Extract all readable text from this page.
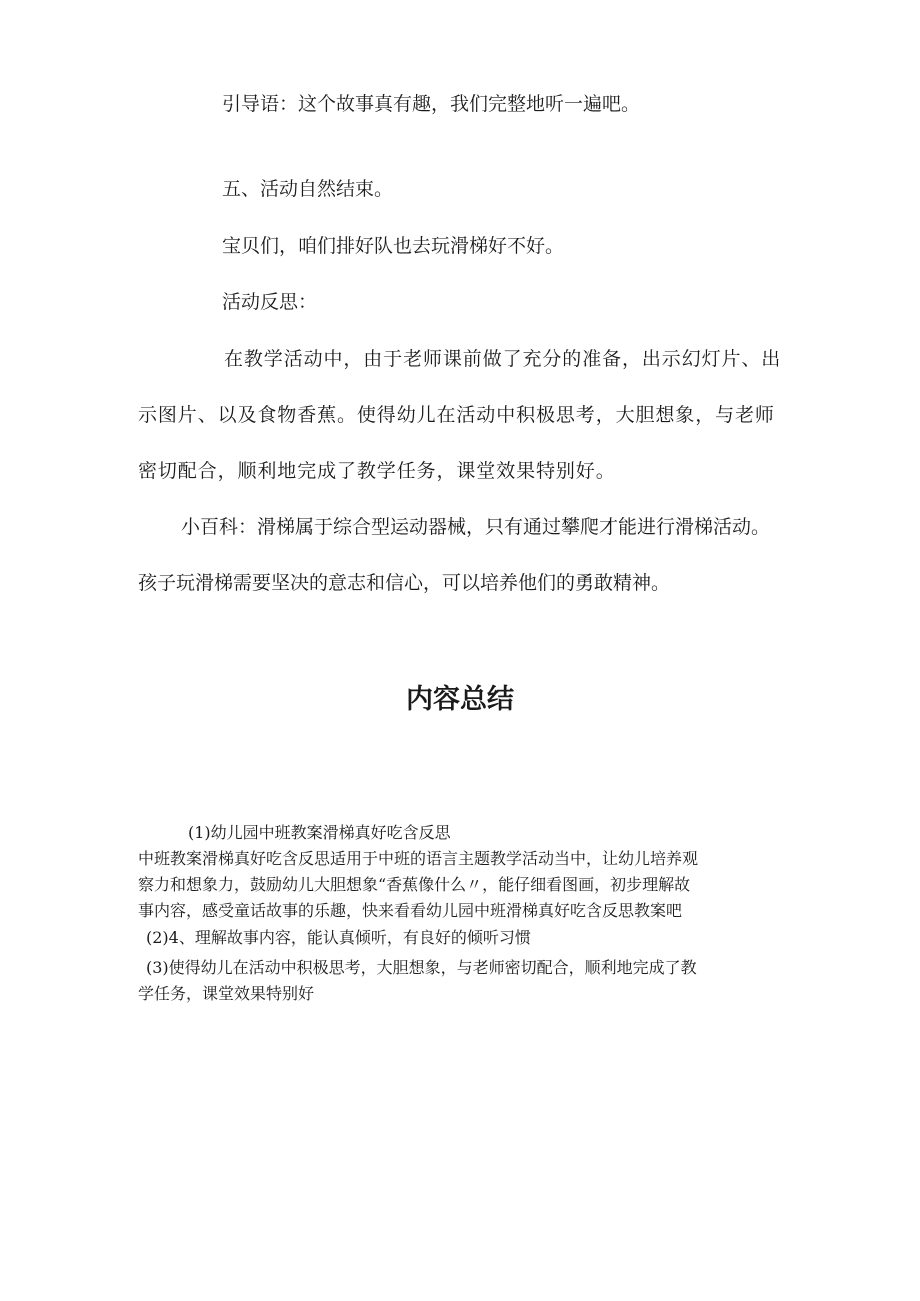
引导语：这个故事真有趣，我们完整地听一遍吧。

五、活动自然结束。

宝贝们，咱们排好队也去玩滑梯好不好。

活动反思：

在教学活动中，由于老师课前做了充分的准备，出示幻灯片、出

示图片、以及食物香蕉。使得幼儿在活动中积极思考，大胆想象，与老师

密切配合，顺利地完成了教学任务，课堂效果特别好。

小百科：滑梯属于综合型运动器械，只有通过攀爬才能进行滑梯活动。

孩子玩滑梯需要坚决的意志和信心，可以培养他们的勇敢精神。

内容总结

(1)幼儿园中班教案滑梯真好吃含反思

中班教案滑梯真好吃含反思适用于中班的语言主题教学活动当中，让幼儿培养观

察力和想象力，鼓励幼儿大胆想象“香蕉像什么〃，能仔细看图画，初步理解故

事内容，感受童话故事的乐趣，快来看看幼儿园中班滑梯真好吃含反思教案吧

(2)4、理解故事内容，能认真倾听，有良好的倾听习惯

(3)使得幼儿在活动中积极思考，大胆想象，与老师密切配合，顺利地完成了教

学任务，课堂效果特别好
